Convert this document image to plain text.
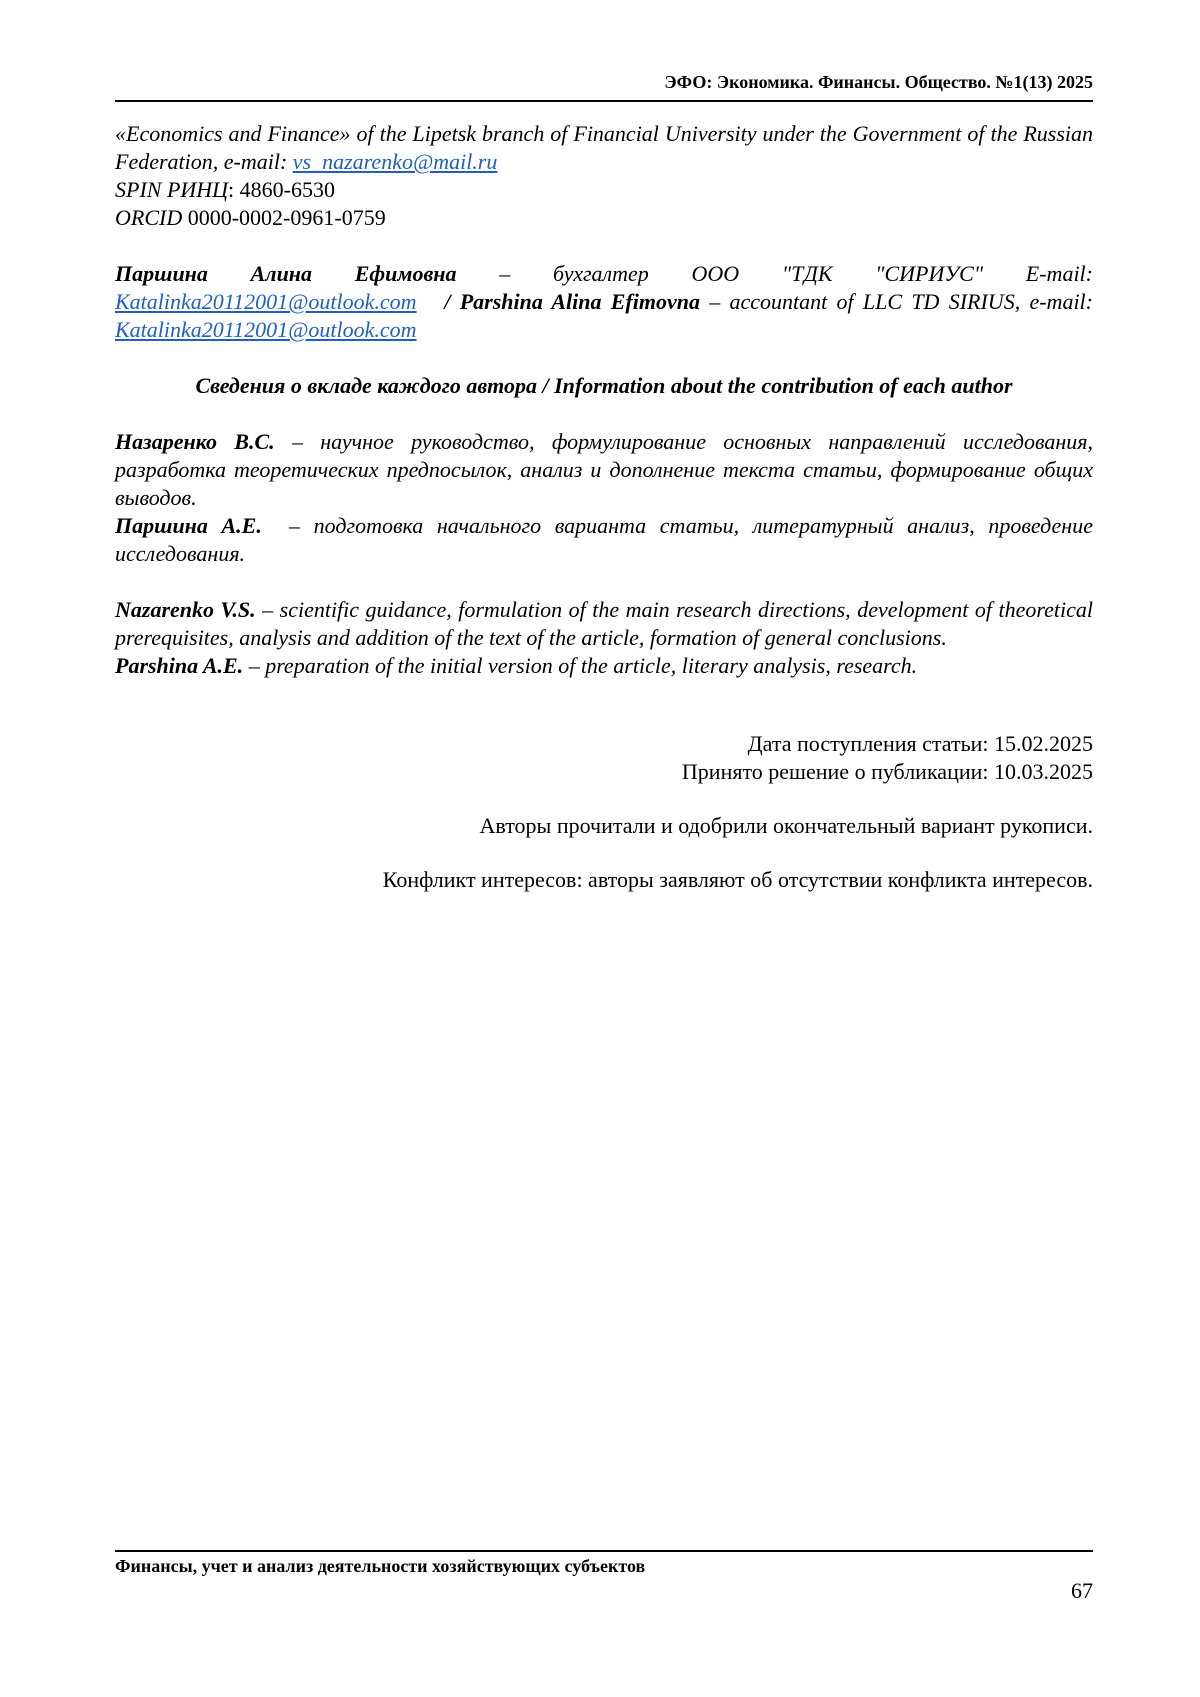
ЭФО: Экономика. Финансы. Общество. №1(13) 2025

«Economics and Finance» of the Lipetsk branch of Financial University under the Government of the Russian Federation, e-mail: vs_nazarenko@mail.ru

SPIN РИНЦ: 4860-6530

ORCID 0000-0002-0961-0759

Паршина Алина Ефимовна – бухгалтер ООО "ТДК "СИРИУС" E-mail: Katalinka20112001@outlook.com   / Parshina Alina Efimovna – accountant of LLC TD SIRIUS, e-mail: Katalinka20112001@outlook.com

Сведения о вкладе каждого автора / Information about the contribution of each author

Назаренко В.С. – научное руководство, формулирование основных направлений исследования, разработка теоретических предпосылок, анализ и дополнение текста статьи, формирование общих выводов.

Паршина А.Е.  – подготовка начального варианта статьи, литературный анализ, проведение исследования.

Nazarenko V.S. – scientific guidance, formulation of the main research directions, development of theoretical prerequisites, analysis and addition of the text of the article, formation of general conclusions.

Parshina A.E. – preparation of the initial version of the article, literary analysis, research.

Дата поступления статьи: 15.02.2025

Принято решение о публикации: 10.03.2025

Авторы прочитали и одобрили окончательный вариант рукописи.

Конфликт интересов: авторы заявляют об отсутствии конфликта интересов.

Финансы, учет и анализ деятельности хозяйствующих субъектов
67
